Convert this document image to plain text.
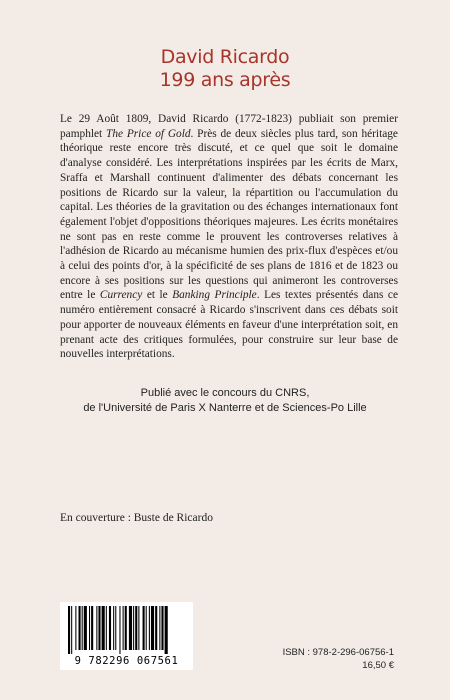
David Ricardo
199 ans après
Le 29 Août 1809, David Ricardo (1772-1823) publiait son premier pamphlet The Price of Gold. Près de deux siècles plus tard, son héritage théorique reste encore très discuté, et ce quel que soit le domaine d'analyse considéré. Les interprétations inspirées par les écrits de Marx, Sraffa et Marshall continuent d'alimenter des débats concernant les positions de Ricardo sur la valeur, la répartition ou l'accumulation du capital. Les théories de la gravitation ou des échanges internationaux font également l'objet d'oppositions théoriques majeures. Les écrits monétaires ne sont pas en reste comme le prouvent les controverses relatives à l'adhésion de Ricardo au mécanisme humien des prix-flux d'espèces et/ou à celui des points d'or, à la spécificité de ses plans de 1816 et de 1823 ou encore à ses positions sur les questions qui animeront les controverses entre le Currency et le Banking Principle. Les textes présentés dans ce numéro entièrement consacré à Ricardo s'inscrivent dans ces débats soit pour apporter de nouveaux éléments en faveur d'une interprétation soit, en prenant acte des critiques formulées, pour construire sur leur base de nouvelles interprétations.
Publié avec le concours du CNRS,
de l'Université de Paris X Nanterre et de Sciences-Po Lille
En couverture : Buste de Ricardo
9 782296 067561
ISBN : 978-2-296-06756-1
16,50 €
